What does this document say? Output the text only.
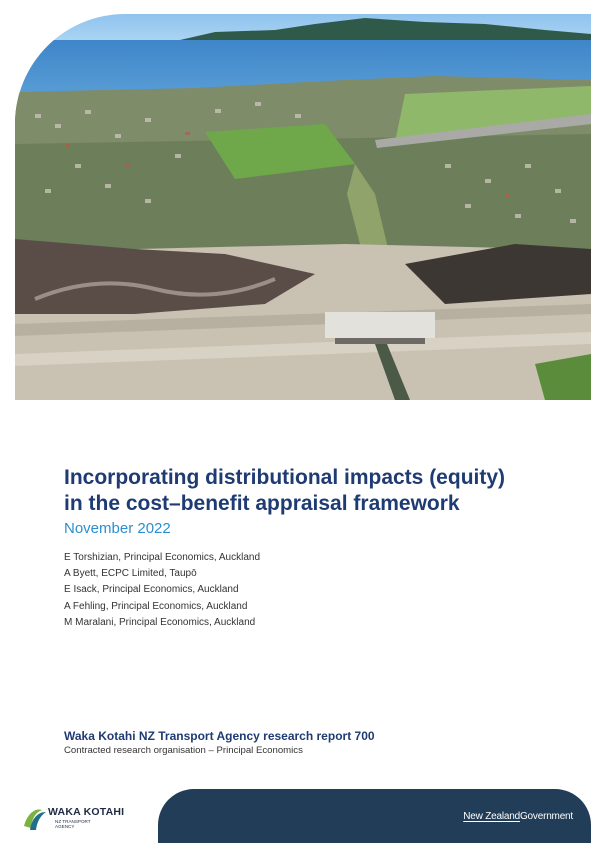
Incorporating distributional impacts (equity)
in the cost–benefit appraisal framework
November 2022
E Torshizian, Principal Economics, Auckland
A Byett, ECPC Limited, Taupō
E Isack, Principal Economics, Auckland
A Fehling, Principal Economics, Auckland
M Maralani, Principal Economics, Auckland
Waka Kotahi NZ Transport Agency research report 700
Contracted research organisation – Principal Economics
WAKA KOTAHI
NZ TRANSPORT
AGENCY
New ZealandGovernment
